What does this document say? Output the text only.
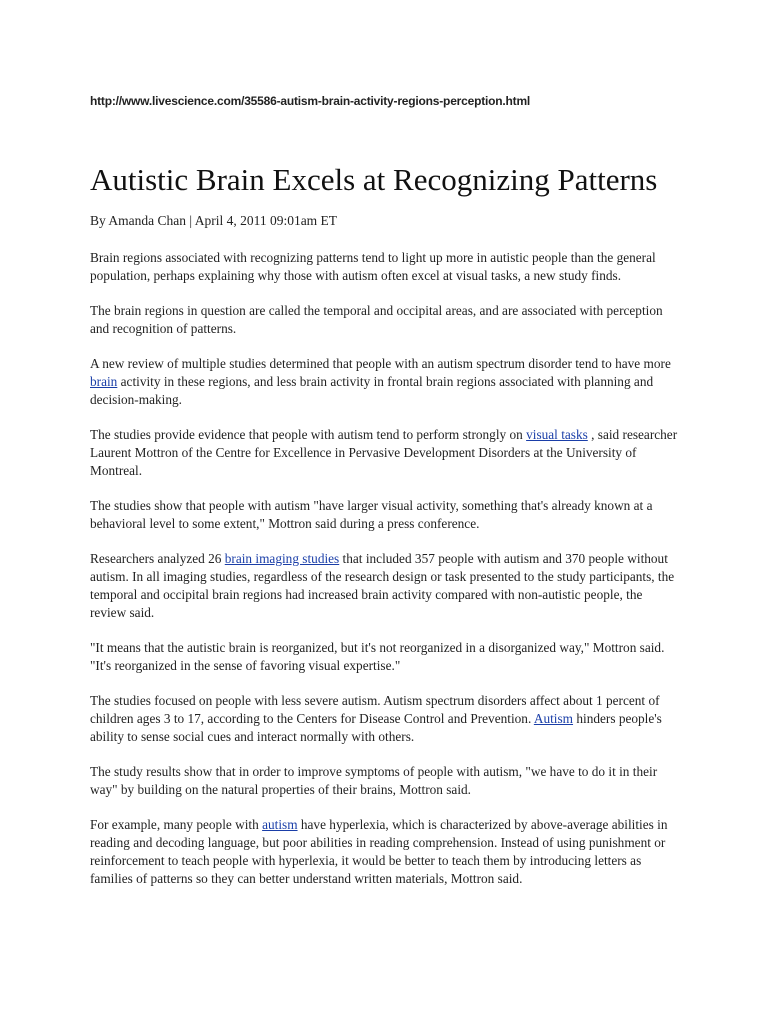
http://www.livescience.com/35586-autism-brain-activity-regions-perception.html
Autistic Brain Excels at Recognizing Patterns
By Amanda Chan | April 4, 2011 09:01am ET

Brain regions associated with recognizing patterns tend to light up more in autistic people than the general population, perhaps explaining why those with autism often excel at visual tasks, a new study finds.

The brain regions in question are called the temporal and occipital areas, and are associated with perception and recognition of patterns.

A new review of multiple studies determined that people with an autism spectrum disorder tend to have more brain activity in these regions, and less brain activity in frontal brain regions associated with planning and decision-making.

The studies provide evidence that people with autism tend to perform strongly on visual tasks , said researcher Laurent Mottron of the Centre for Excellence in Pervasive Development Disorders at the University of Montreal.

The studies show that people with autism "have larger visual activity, something that's already known at a behavioral level to some extent," Mottron said during a press conference.

Researchers analyzed 26 brain imaging studies that included 357 people with autism and 370 people without autism. In all imaging studies, regardless of the research design or task presented to the study participants, the temporal and occipital brain regions had increased brain activity compared with non-autistic people, the review said.

"It means that the autistic brain is reorganized, but it's not reorganized in a disorganized way," Mottron said. "It's reorganized in the sense of favoring visual expertise."

The studies focused on people with less severe autism. Autism spectrum disorders affect about 1 percent of children ages 3 to 17, according to the Centers for Disease Control and Prevention. Autism hinders people's ability to sense social cues and interact normally with others.

The study results show that in order to improve symptoms of people with autism, "we have to do it in their way" by building on the natural properties of their brains, Mottron said.

For example, many people with autism have hyperlexia, which is characterized by above-average abilities in reading and decoding language, but poor abilities in reading comprehension. Instead of using punishment or reinforcement to teach people with hyperlexia, it would be better to teach them by introducing letters as families of patterns so they can better understand written materials, Mottron said.
